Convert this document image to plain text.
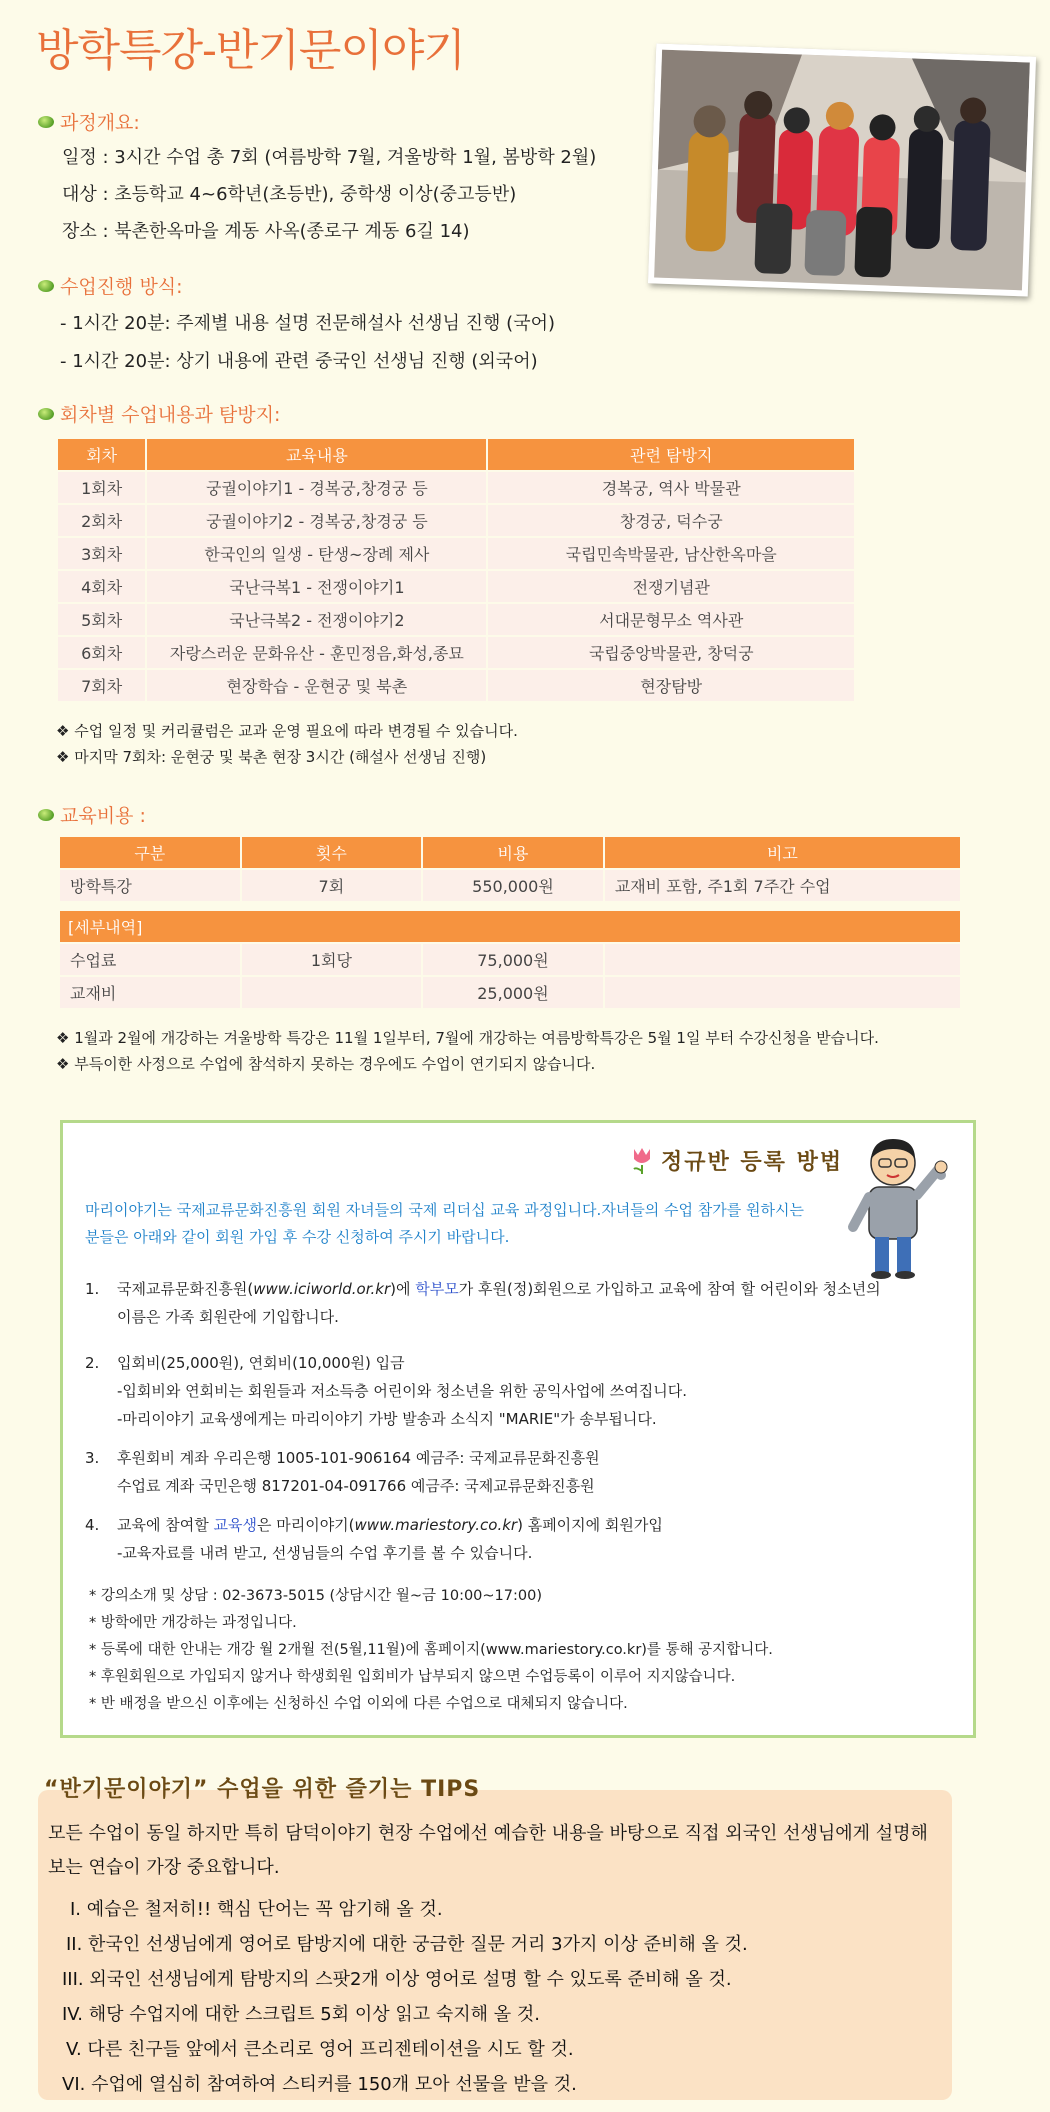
방학특강-반기문이야기
과정개요:
일정 : 3시간 수업 총 7회 (여름방학 7월, 겨울방학 1월, 봄방학 2월)
대상 : 초등학교 4~6학년(초등반), 중학생 이상(중고등반)
장소 : 북촌한옥마을 계동 사옥(종로구 계동 6길 14)
수업진행 방식:
- 1시간 20분: 주제별 내용 설명 전문해설사 선생님 진행 (국어)
- 1시간 20분: 상기 내용에 관련 중국인 선생님 진행 (외국어)
회차별 수업내용과 탐방지:
회차	교육내용	관련 탐방지
1회차	궁궐이야기1 - 경복궁,창경궁 등	경복궁, 역사 박물관
2회차	궁궐이야기2 - 경복궁,창경궁 등	창경궁, 덕수궁
3회차	한국인의 일생 - 탄생~장례 제사	국립민속박물관, 남산한옥마을
4회차	국난극복1 - 전쟁이야기1	전쟁기념관
5회차	국난극복2 - 전쟁이야기2	서대문형무소 역사관
6회차	자랑스러운 문화유산 - 훈민정음,화성,종묘	국립중앙박물관, 창덕궁
7회차	현장학습 - 운현궁 및 북촌	현장탐방
❖ 수업 일정 및 커리큘럼은 교과 운영 필요에 따라 변경될 수 있습니다.
❖ 마지막 7회차: 운현궁 및 북촌 현장 3시간 (해설사 선생님 진행)
교육비용 :
구분	횟수	비용	비고
방학특강	7회	550,000원	교재비 포함, 주1회 7주간 수업

[세부내역]			
수업료	1회당	75,000원	
교재비		25,000원	
❖ 1월과 2월에 개강하는 겨울방학 특강은 11월 1일부터, 7월에 개강하는 여름방학특강은 5월 1일 부터 수강신청을 받습니다.
❖ 부득이한 사정으로 수업에 참석하지 못하는 경우에도 수업이 연기되지 않습니다.
정규반 등록 방법
마리이야기는 국제교류문화진흥원 회원 자녀들의 국제 리더십 교육 과정입니다.자녀들의 수업 참가를 원하시는 분들은 아래와 같이 회원 가입 후 수강 신청하여 주시기 바랍니다.
1. 국제교류문화진흥원(www.iciworld.or.kr)에 학부모가 후원(정)회원으로 가입하고 교육에 참여 할 어린이와 청소년의
이름은 가족 회원란에 기입합니다.
2. 입회비(25,000원), 연회비(10,000원) 입금
-입회비와 연회비는 회원들과 저소득층 어린이와 청소년을 위한 공익사업에 쓰여집니다.
-마리이야기 교육생에게는 마리이야기 가방 발송과 소식지 "MARIE"가 송부됩니다.
3. 후원회비 계좌 우리은행 1005-101-906164 예금주: 국제교류문화진흥원
수업료 계좌 국민은행 817201-04-091766 예금주: 국제교류문화진흥원
4. 교육에 참여할 교육생은 마리이야기(www.mariestory.co.kr) 홈페이지에 회원가입
-교육자료를 내려 받고, 선생님들의 수업 후기를 볼 수 있습니다.
* 강의소개 및 상담 : 02-3673-5015 (상담시간 월~금 10:00~17:00)
* 방학에만 개강하는 과정입니다.
* 등록에 대한 안내는 개강 월 2개월 전(5월,11월)에 홈페이지(www.mariestory.co.kr)를 통해 공지합니다.
* 후원회원으로 가입되지 않거나 학생회원 입회비가 납부되지 않으면 수업등록이 이루어 지지않습니다.
* 반 배정을 받으신 이후에는 신청하신 수업 이외에 다른 수업으로 대체되지 않습니다.
“반기문이야기” 수업을 위한 즐기는 TIPS
모든 수업이 동일 하지만 특히 담덕이야기 현장 수업에선 예습한 내용을 바탕으로 직접 외국인 선생님에게 설명해 보는 연습이 가장 중요합니다.
I. 예습은 철저히!! 핵심 단어는 꼭 암기해 올 것.
II. 한국인 선생님에게 영어로 탐방지에 대한 궁금한 질문 거리 3가지 이상 준비해 올 것.
III. 외국인 선생님에게 탐방지의 스팟2개 이상 영어로 설명 할 수 있도록 준비해 올 것.
IV. 해당 수업지에 대한 스크립트 5회 이상 읽고 숙지해 올 것.
V. 다른 친구들 앞에서 큰소리로 영어 프리젠테이션을 시도 할 것.
VI. 수업에 열심히 참여하여 스티커를 150개 모아 선물을 받을 것.
